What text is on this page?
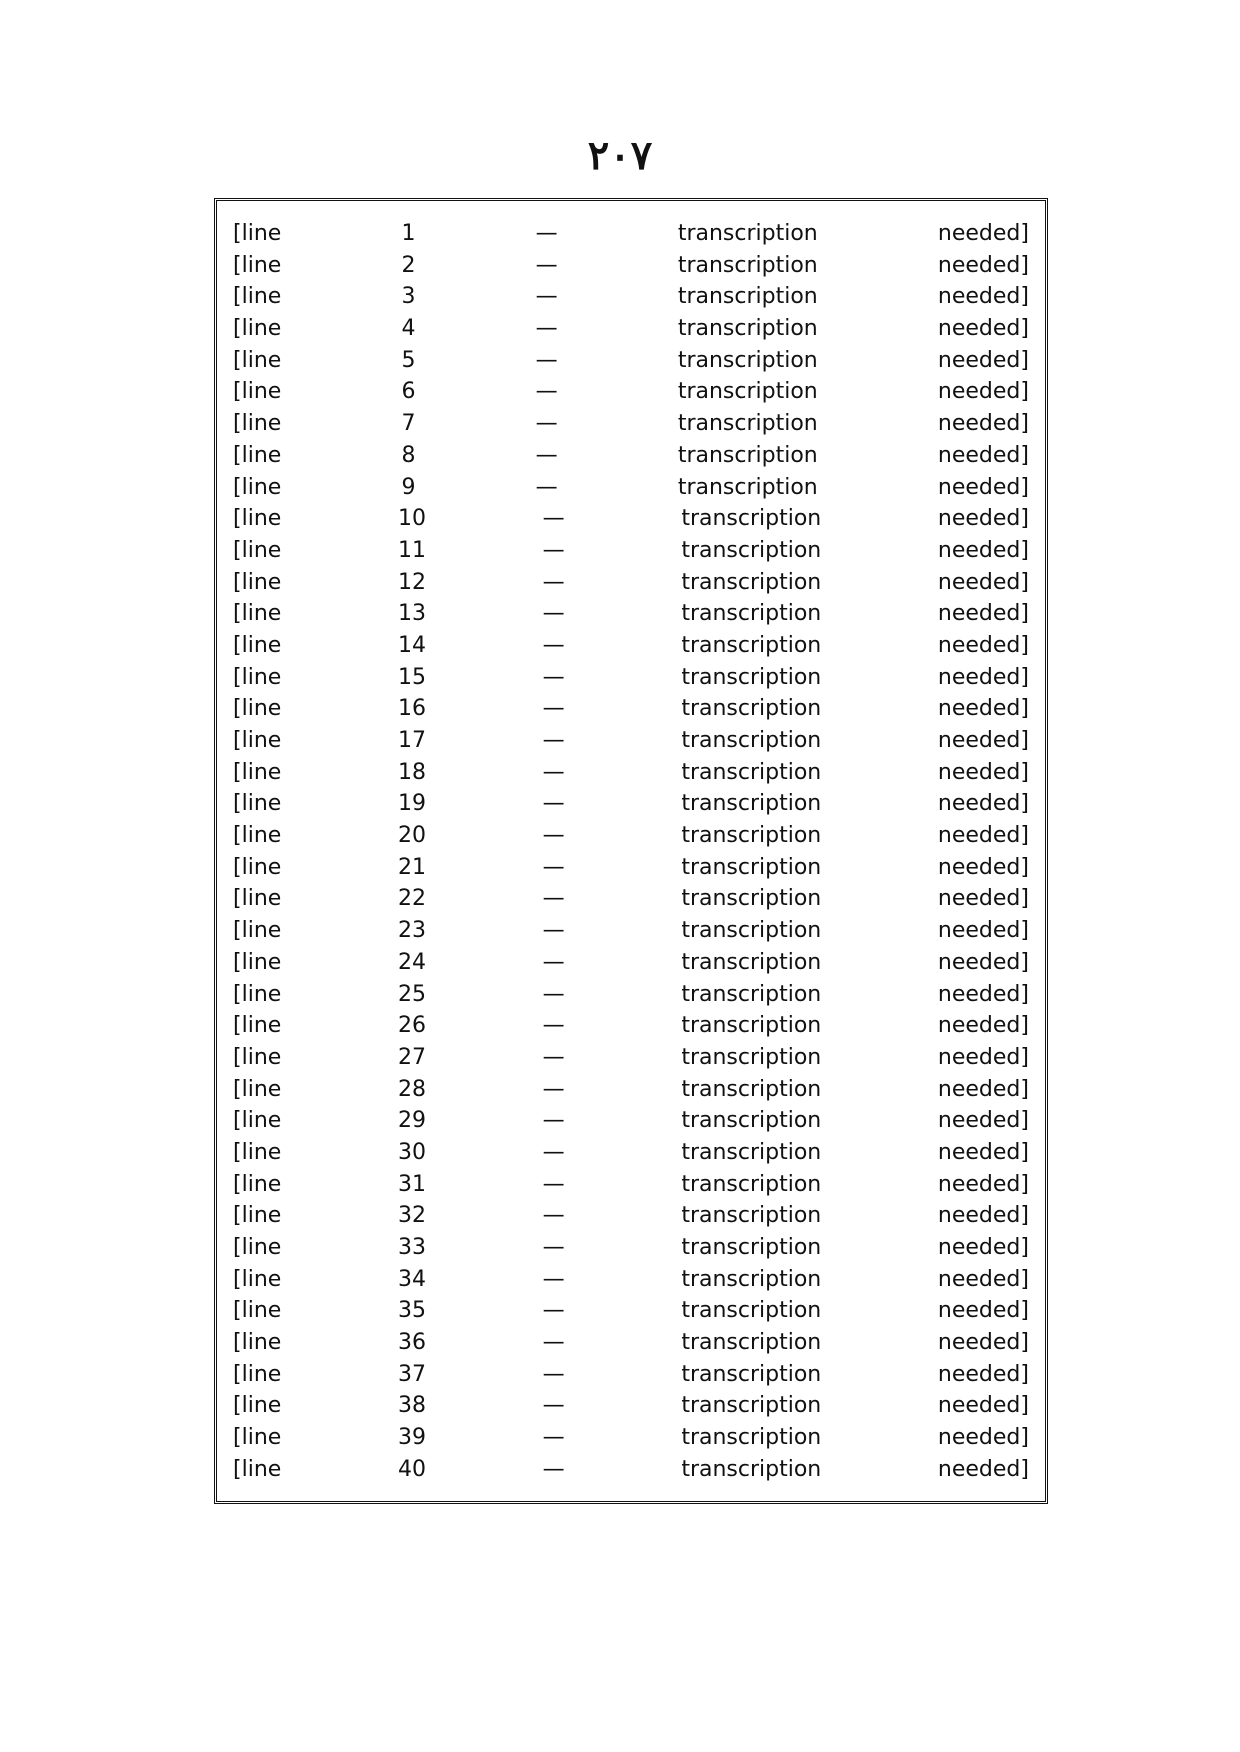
٢٠٧
[line 1 — transcription needed]
[line 2 — transcription needed]
[line 3 — transcription needed]
[line 4 — transcription needed]
[line 5 — transcription needed]
[line 6 — transcription needed]
[line 7 — transcription needed]
[line 8 — transcription needed]
[line 9 — transcription needed]
[line 10 — transcription needed]
[line 11 — transcription needed]
[line 12 — transcription needed]
[line 13 — transcription needed]
[line 14 — transcription needed]
[line 15 — transcription needed]
[line 16 — transcription needed]
[line 17 — transcription needed]
[line 18 — transcription needed]
[line 19 — transcription needed]
[line 20 — transcription needed]
[line 21 — transcription needed]
[line 22 — transcription needed]
[line 23 — transcription needed]
[line 24 — transcription needed]
[line 25 — transcription needed]
[line 26 — transcription needed]
[line 27 — transcription needed]
[line 28 — transcription needed]
[line 29 — transcription needed]
[line 30 — transcription needed]
[line 31 — transcription needed]
[line 32 — transcription needed]
[line 33 — transcription needed]
[line 34 — transcription needed]
[line 35 — transcription needed]
[line 36 — transcription needed]
[line 37 — transcription needed]
[line 38 — transcription needed]
[line 39 — transcription needed]
[line 40 — transcription needed]
